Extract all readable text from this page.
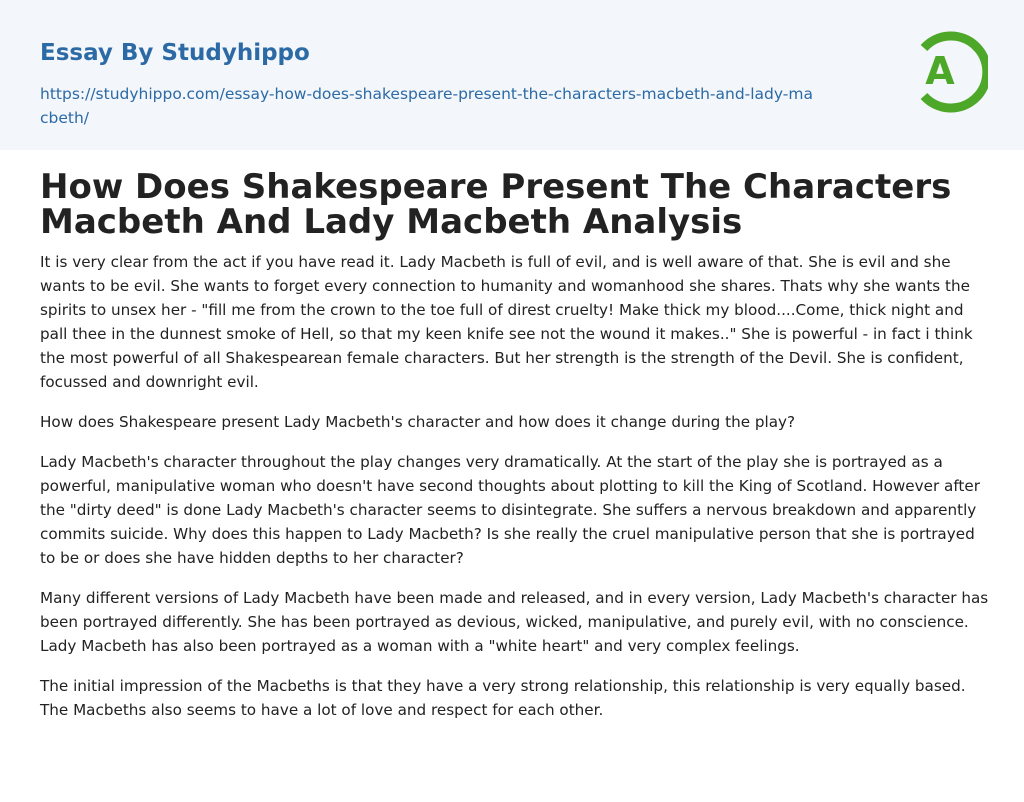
Essay By Studyhippo
https://studyhippo.com/essay-how-does-shakespeare-present-the-characters-macbeth-and-lady-macbeth/
A
How Does Shakespeare Present The Characters Macbeth And Lady Macbeth Analysis

It is very clear from the act if you have read it. Lady Macbeth is full of evil, and is well aware of that. She is evil and she wants to be evil. She wants to forget every connection to humanity and womanhood she shares. Thats why she wants the spirits to unsex her - "fill me from the crown to the toe full of direst cruelty! Make thick my blood....Come, thick night and pall thee in the dunnest smoke of Hell, so that my keen knife see not the wound it makes.." She is powerful - in fact i think the most powerful of all Shakespearean female characters. But her strength is the strength of the Devil. She is confident, focussed and downright evil.

How does Shakespeare present Lady Macbeth's character and how does it change during the play?

Lady Macbeth's character throughout the play changes very dramatically. At the start of the play she is portrayed as a powerful, manipulative woman who doesn't have second thoughts about plotting to kill the King of Scotland. However after the "dirty deed" is done Lady Macbeth's character seems to disintegrate. She suffers a nervous breakdown and apparently commits suicide. Why does this happen to Lady Macbeth? Is she really the cruel manipulative person that she is portrayed to be or does she have hidden depths to her character?

Many different versions of Lady Macbeth have been made and released, and in every version, Lady Macbeth's character has been portrayed differently. She has been portrayed as devious, wicked, manipulative, and purely evil, with no conscience. Lady Macbeth has also been portrayed as a woman with a "white heart" and very complex feelings.

The initial impression of the Macbeths is that they have a very strong relationship, this relationship is very equally based. The Macbeths also seems to have a lot of love and respect for each other.
